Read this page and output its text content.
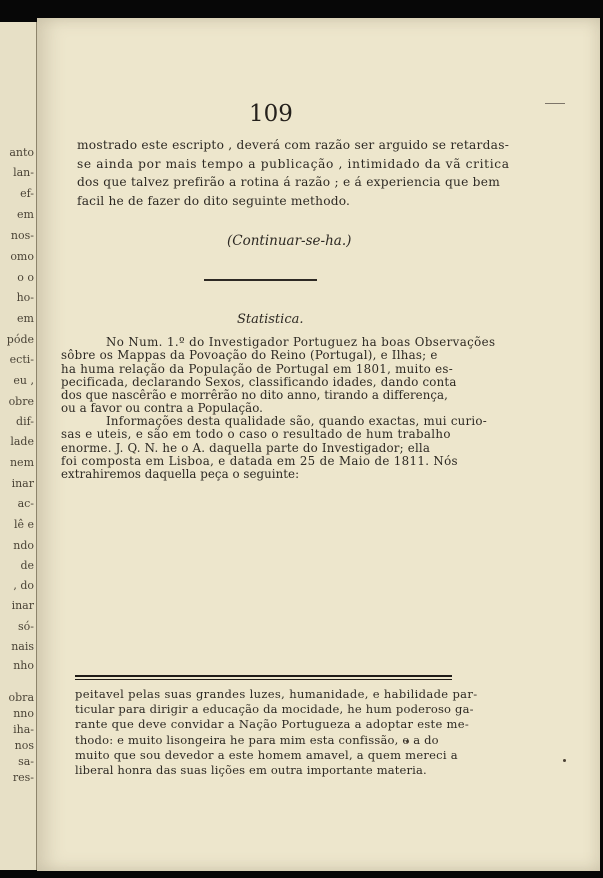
anto
lan-
ef-
em
nos-
omo
o o
ho-
em
póde
ecti-
eu ,
obre
dif-
lade
nem
inar
ac-
lê e
ndo
de
, do
inar
só-
nais
nho
obra
nno
iha-
nos
sa-
res-
109
mostrado este escripto , deverá com razão ser arguido se retardas-
se ainda por mais tempo a publicação , intimidado da vã critica
dos que talvez prefirão a rotina á razão ; e á experiencia que bem
facil he de fazer do dito seguinte methodo.
(Continuar-se-ha.)
Statistica.
No Num. 1.º do Investigador Portuguez ha boas Observações
sôbre os Mappas da Povoação do Reino (Portugal), e Ilhas; e
ha huma relação da População de Portugal em 1801, muito es-
pecificada, declarando Sexos, classificando idades, dando conta
dos que nascêrão e morrêrão no dito anno, tirando a differença,
ou a favor ou contra a População.
Informações desta qualidade são, quando exactas, mui curio-
sas e uteis, e são em todo o caso o resultado de hum trabalho
enorme. J. Q. N. he o A. daquella parte do Investigador; ella
foi composta em Lisboa, e datada em 25 de Maio de 1811. Nós
extrahiremos daquella peça o seguinte:
peitavel pelas suas grandes luzes, humanidade, e habilidade par-
ticular para dirigir a educação da mocidade, he hum poderoso ga-
rante que deve convidar a Nação Portugueza a adoptar este me-
thodo: e muito lisongeira he para mim esta confissão, e a do
muito que sou devedor a este homem amavel, a quem mereci a
liberal honra das suas lições em outra importante materia.
